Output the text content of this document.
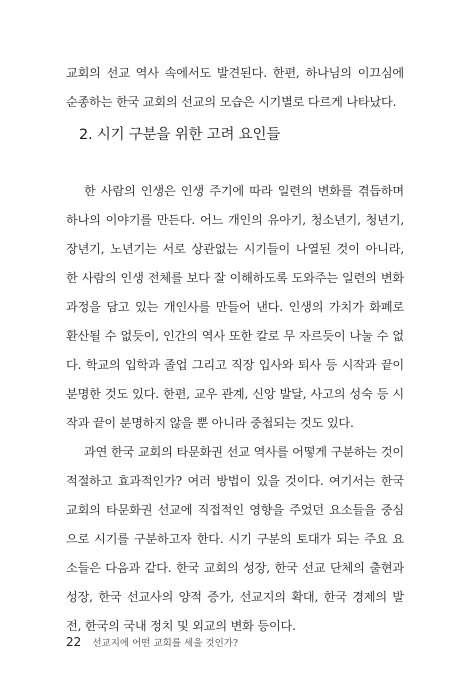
교회의 선교 역사 속에서도 발견된다. 한편, 하나님의 이끄심에
순종하는 한국 교회의 선교의 모습은 시기별로 다르게 나타났다.
2. 시기 구분을 위한 고려 요인들
한 사람의 인생은 인생 주기에 따라 일련의 변화를 겪듭하며
하나의 이야기를 만든다. 어느 개인의 유아기, 청소년기, 청년기,
장년기, 노년기는 서로 상관없는 시기들이 나열된 것이 아니라,
한 사람의 인생 전체를 보다 잘 이해하도록 도와주는 일련의 변화
과정을 담고 있는 개인사를 만들어 낸다. 인생의 가치가 화폐로
환산될 수 없듯이, 인간의 역사 또한 칼로 무 자르듯이 나눌 수 없
다. 학교의 입학과 졸업 그리고 직장 입사와 퇴사 등 시작과 끝이
분명한 것도 있다. 한편, 교우 관계, 신앙 발달, 사고의 성숙 등 시
작과 끝이 분명하지 않을 뿐 아니라 중첩되는 것도 있다.
과연 한국 교회의 타문화권 선교 역사를 어떻게 구분하는 것이
적절하고 효과적인가? 여러 방법이 있을 것이다. 여기서는 한국
교회의 타문화권 선교에 직접적인 영향을 주었던 요소들을 중심
으로 시기를 구분하고자 한다. 시기 구분의 토대가 되는 주요 요
소들은 다음과 같다. 한국 교회의 성장, 한국 선교 단체의 출현과
성장, 한국 선교사의 양적 증가, 선교지의 확대, 한국 경제의 발
전, 한국의 국내 정치 및 외교의 변화 등이다.
22 선교지에 어떤 교회를 세울 것인가?
